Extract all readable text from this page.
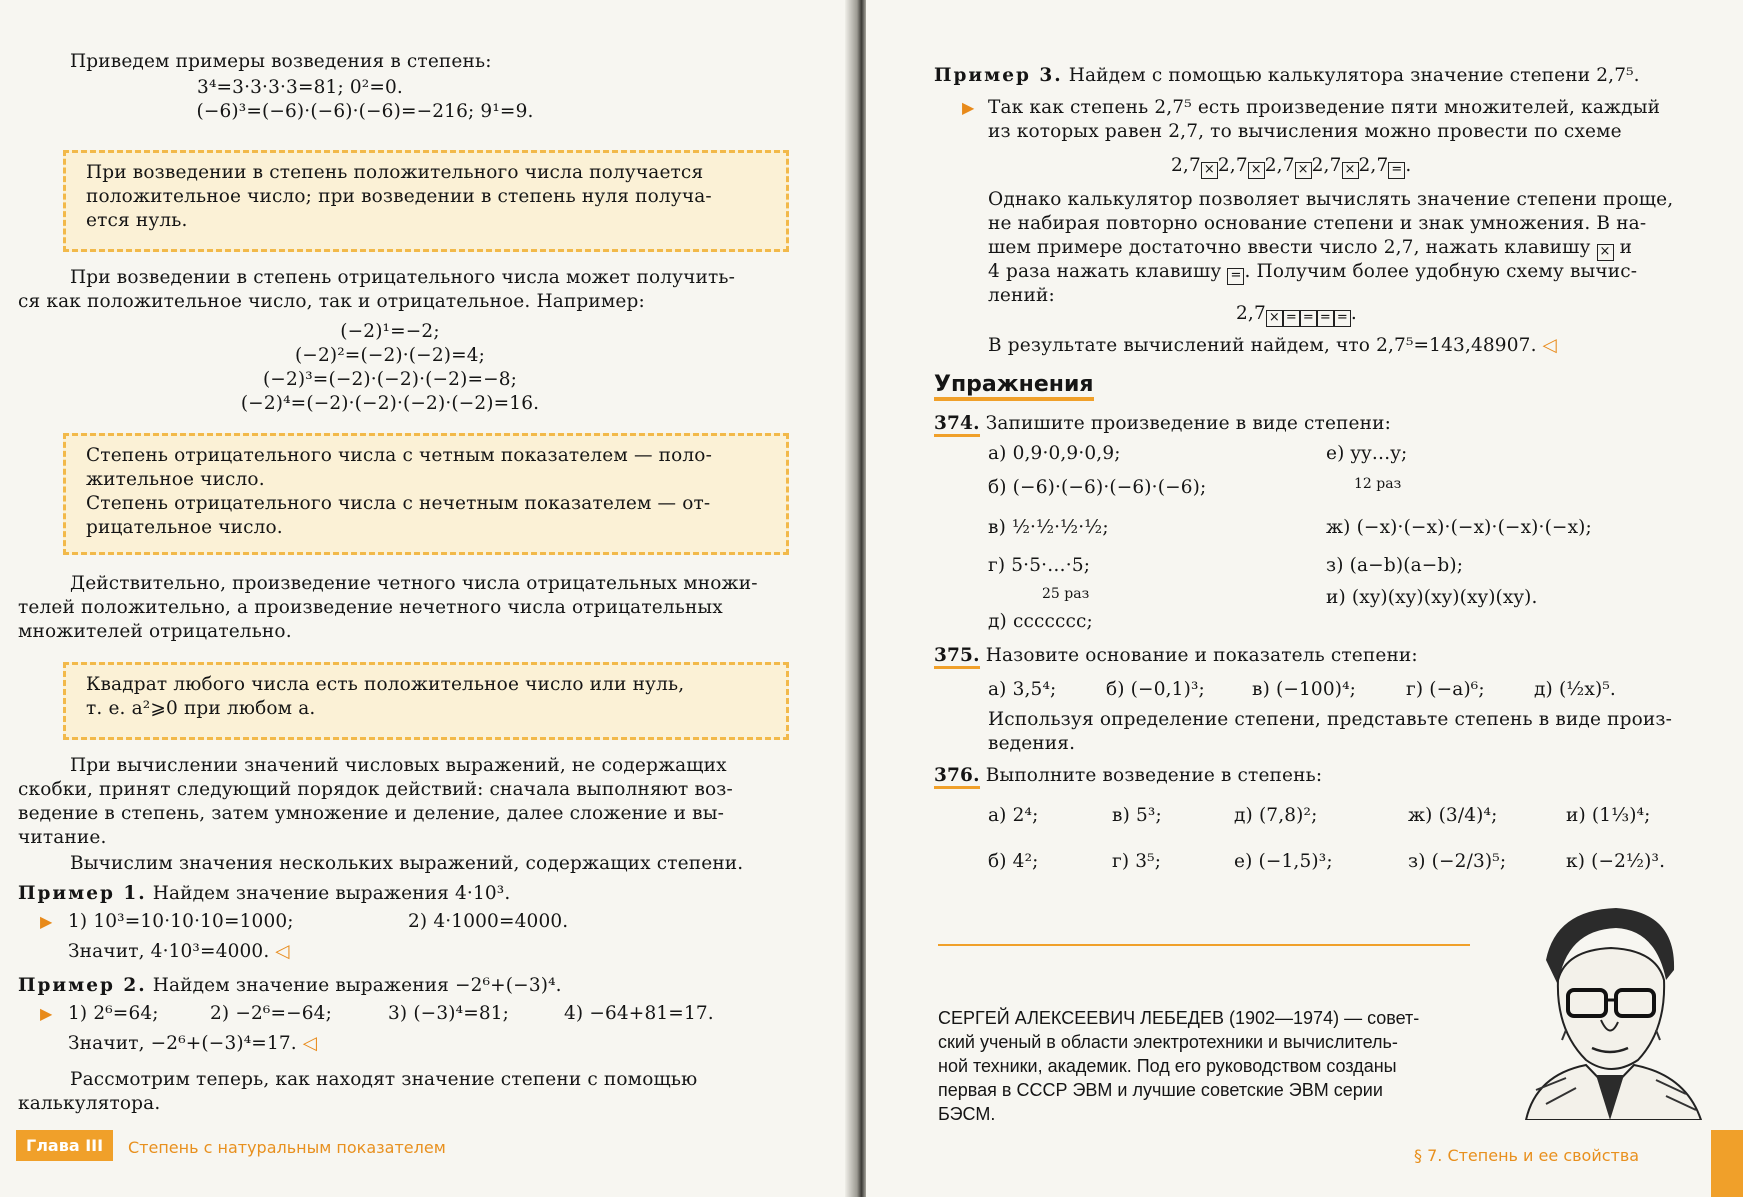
Приведем примеры возведения в степень:
3⁴=3·3·3·3=81; 0²=0.
(−6)³=(−6)·(−6)·(−6)=−216; 9¹=9.
При возведении в степень положительного числа получается
положительное число; при возведении в степень нуля получа-
ется нуль.
При возведении в степень отрицательного числа может получить-
ся как положительное число, так и отрицательное. Например:
(−2)¹=−2;
(−2)²=(−2)·(−2)=4;
(−2)³=(−2)·(−2)·(−2)=−8;
(−2)⁴=(−2)·(−2)·(−2)·(−2)=16.
Степень отрицательного числа с четным показателем — поло-
жительное число.
Степень отрицательного числа с нечетным показателем — от-
рицательное число.
Действительно, произведение четного числа отрицательных множи-
телей положительно, а произведение нечетного числа отрицательных
множителей отрицательно.
Квадрат любого числа есть положительное число или нуль,
т. е. a²⩾0 при любом a.
При вычислении значений числовых выражений, не содержащих
скобки, принят следующий порядок действий: сначала выполняют воз-
ведение в степень, затем умножение и деление, далее сложение и вы-
читание.
Вычислим значения нескольких выражений, содержащих степени.
Пример 1. Найдем значение выражения 4·10³.
▶ 1) 10³=10·10·10=1000;	2) 4·1000=4000.
Значит, 4·10³=4000. ◁
Пример 2. Найдем значение выражения −2⁶+(−3)⁴.
▶ 1) 2⁶=64;	2) −2⁶=−64;	3) (−3)⁴=81;	4) −64+81=17.
Значит, −2⁶+(−3)⁴=17. ◁
Рассмотрим теперь, как находят значение степени с помощью
калькулятора.
Глава III	Степень с натуральным показателем
Пример 3. Найдем с помощью калькулятора значение степени 2,7⁵.
▶ Так как степень 2,7⁵ есть произведение пяти множителей, каждый
из которых равен 2,7, то вычисления можно провести по схеме
2,7 × 2,7 × 2,7 × 2,7 × 2,7 = .
Однако калькулятор позволяет вычислять значение степени проще,
не набирая повторно основание степени и знак умножения. В на-
шем примере достаточно ввести число 2,7, нажать клавишу × и
4 раза нажать клавишу = . Получим более удобную схему вычис-
лений:
2,7 × = = = = .
В результате вычислений найдем, что 2,7⁵=143,48907. ◁
Упражнения
374. Запишите произведение в виде степени:
а) 0,9·0,9·0,9;
б) (−6)·(−6)·(−6)·(−6);
в) ½·½·½·½;
г) 5·5·…·5;
25 раз
д) ccccccc;
е) yy…y;
12 раз
ж) (−x)·(−x)·(−x)·(−x)·(−x);
з) (a−b)(a−b);
и) (xy)(xy)(xy)(xy)(xy).
375. Назовите основание и показатель степени:
а) 3,5⁴;	б) (−0,1)³;	в) (−100)⁴;	г) (−a)⁶;	д) (½x)⁵.
Используя определение степени, представьте степень в виде произ-
ведения.
376. Выполните возведение в степень:
а) 2⁴;	в) 5³;	д) (7,8)²;	ж) (3/4)⁴;	и) (1⅓)⁴;
б) 4²;	г) 3⁵;	е) (−1,5)³;	з) (−2/3)⁵;	к) (−2½)³.
СЕРГЕЙ АЛЕКСЕЕВИЧ ЛЕБЕДЕВ (1902—1974) — совет-
ский ученый в области электротехники и вычислитель-
ной техники, академик. Под его руководством созданы
первая в СССР ЭВМ и лучшие советские ЭВМ серии
БЭСМ.
§ 7. Степень и ее свойства
